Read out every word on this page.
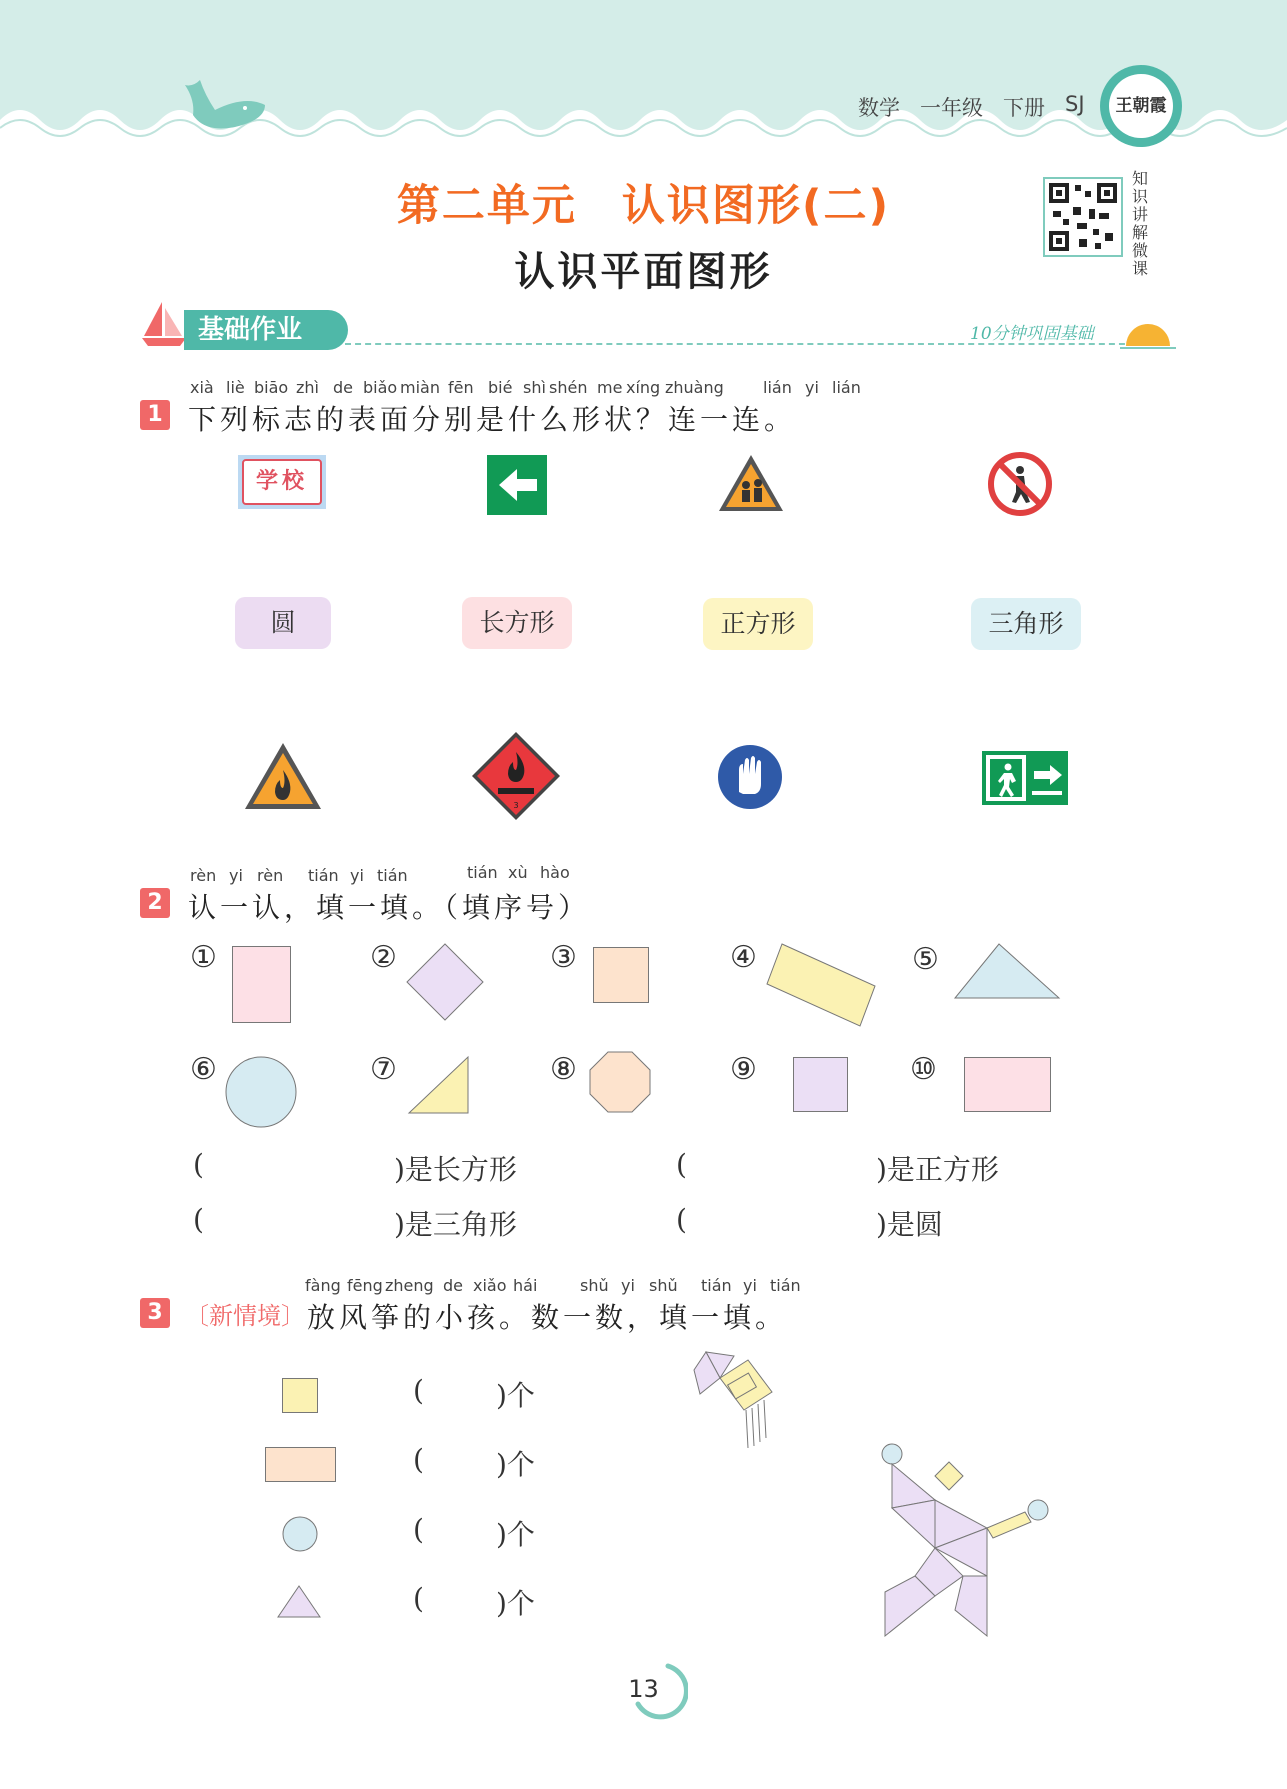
数学 一年级 下册 SJ	王朝霞
第二单元　认识图形(二)
认识平面图形
知识讲解微课
基础作业	10分钟巩固基础
1
xià liè biāo zhì de biǎo miàn fēn bié shì shén me xíng zhuàng lián yi lián
下列标志的表面分别是什么形状？连一连。
学校
圆	长方形	正方形	三角形
3
2
rèn yi rèn tián yi tián	tián xù hào
认一认，填一填。（填序号）
①	②	③	④	⑤
⑥	⑦	⑧	⑨	⑩
(	)是长方形	(	)是正方形
(	)是三角形	(	)是圆
3 〔新情境〕
fàng fēng zheng de xiǎo hái	shǔ yi shǔ tián yi tián
放风筝的小孩。数一数，填一填。
(	)个
(	)个
(	)个
(	)个
13
